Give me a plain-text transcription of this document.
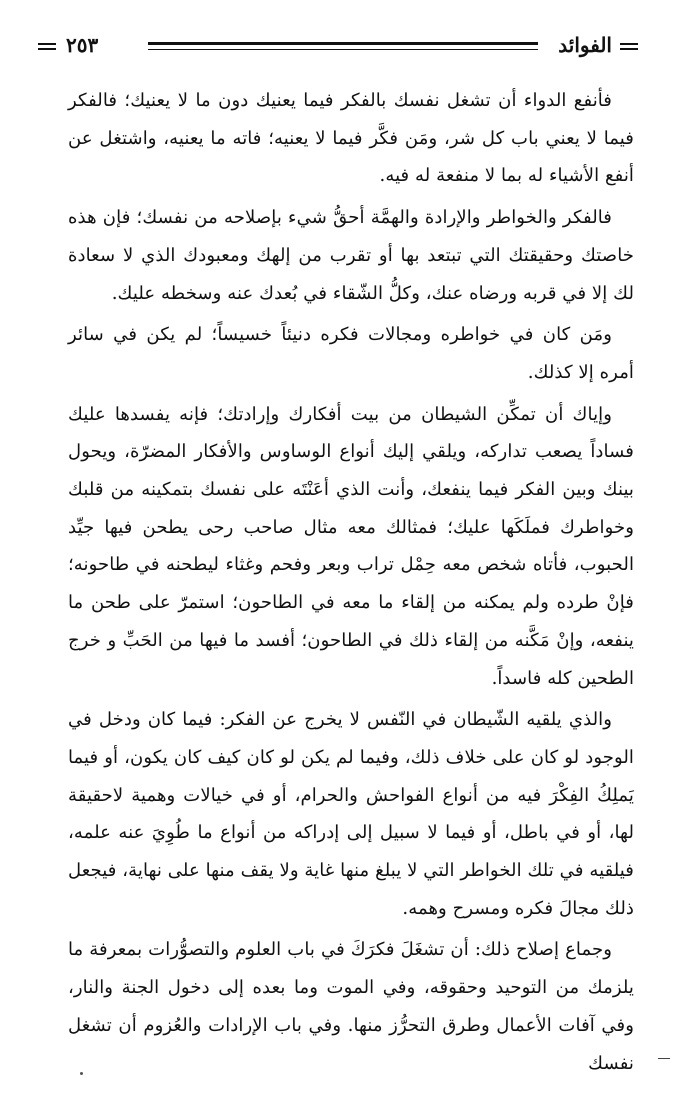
الفوائد
٢٥٣

فأنفع الدواء أن تشغل نفسك بالفكر فيما يعنيك دون ما لا يعنيك؛ فالفكر فيما لا يعني باب كل شر، ومَن فكَّر فيما لا يعنيه؛ فاته ما يعنيه، واشتغل عن أنفع الأشياء له بما لا منفعة له فيه.

فالفكر والخواطر والإرادة والهمَّة أحقُّ شيء بإصلاحه من نفسك؛ فإن هذه خاصتك وحقيقتك التي تبتعد بها أو تقرب من إلهك ومعبودك الذي لا سعادة لك إلا في قربه ورضاه عنك، وكلُّ الشّقاء في بُعدك عنه وسخطه عليك.

ومَن كان في خواطره ومجالات فكره دنيئاً خسيساً؛ لم يكن في سائر أمره إلا كذلك.

وإياك أن تمكِّن الشيطان من بيت أفكارك وإرادتك؛ فإنه يفسدها عليك فساداً يصعب تداركه، ويلقي إليك أنواع الوساوس والأفكار المضرّة، ويحول بينك وبين الفكر فيما ينفعك، وأنت الذي أعَنْتَه على نفسك بتمكينه من قلبك وخواطرك فملَكَها عليك؛ فمثالك معه مثال صاحب رحى يطحن فيها جيِّد الحبوب، فأتاه شخص معه حِمْل تراب وبعر وفحم وغثاء ليطحنه في طاحونه؛ فإنْ طرده ولم يمكنه من إلقاء ما معه في الطاحون؛ استمرّ على طحن ما ينفعه، وإنْ مَكَّنه من إلقاء ذلك في الطاحون؛ أفسد ما فيها من الحَبِّ و خرج الطحين كله فاسداً.

والذي يلقيه الشّيطان في النّفس لا يخرج عن الفكر: فيما كان ودخل في الوجود لو كان على خلاف ذلك، وفيما لم يكن لو كان كيف كان يكون، أو فيما يَملِكُ الفِكْرَ فيه من أنواع الفواحش والحرام، أو في خيالات وهمية لاحقيقة لها، أو في باطل، أو فيما لا سبيل إلى إدراكه من أنواع ما طُوِيَ عنه علمه، فيلقيه في تلك الخواطر التي لا يبلغ منها غاية ولا يقف منها على نهاية، فيجعل ذلك مجالَ فكره ومسرح وهمه.

وجماع إصلاح ذلك: أن تشغَلَ فكرَكَ في باب العلوم والتصوُّرات بمعرفة ما يلزمك من التوحيد وحقوقه، وفي الموت وما بعده إلى دخول الجنة والنار، وفي آفات الأعمال وطرق التحرُّز منها. وفي باب الإرادات والعُزوم أن تشغل نفسك
